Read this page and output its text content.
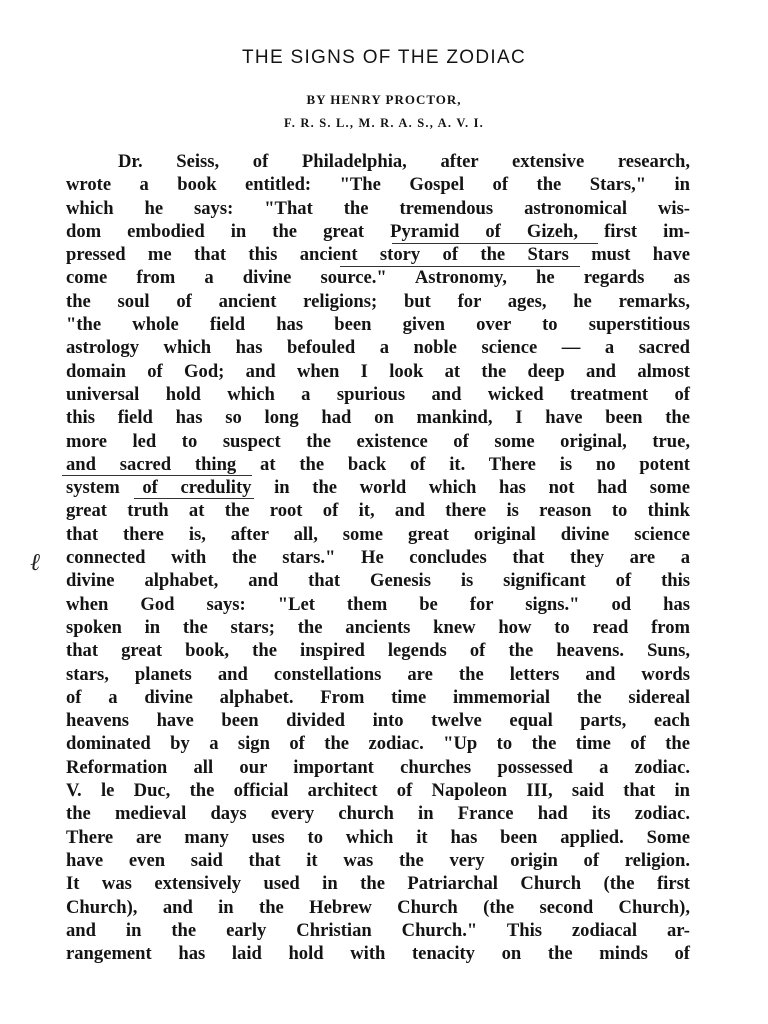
THE SIGNS OF THE ZODIAC
BY HENRY PROCTOR,
F. R. S. L., M. R. A. S., A. V. I.
ℓ
Dr. Seiss, of Philadelphia, after extensive research,
wrote a book entitled: "The Gospel of the Stars," in
which he says: "That the tremendous astronomical wis-
dom embodied in the great Pyramid of Gizeh, first im-
pressed me that this ancient story of the Stars must have
come from a divine source." Astronomy, he regards as
the soul of ancient religions; but for ages, he remarks,
"the whole field has been given over to superstitious
astrology which has befouled a noble science — a sacred
domain of God; and when I look at the deep and almost
universal hold which a spurious and wicked treatment of
this field has so long had on mankind, I have been the
more led to suspect the existence of some original, true,
and sacred thing at the back of it. There is no potent
system of credulity in the world which has not had some
great truth at the root of it, and there is reason to think
that there is, after all, some great original divine science
connected with the stars." He concludes that they are a
divine alphabet, and that Genesis is significant of this
when God says: "Let them be for signs." od has
spoken in the stars; the ancients knew how to read from
that great book, the inspired legends of the heavens. Suns,
stars, planets and constellations are the letters and words
of a divine alphabet. From time immemorial the sidereal
heavens have been divided into twelve equal parts, each
dominated by a sign of the zodiac. "Up to the time of the
Reformation all our important churches possessed a zodiac.
V. le Duc, the official architect of Napoleon III, said that in
the medieval days every church in France had its zodiac.
There are many uses to which it has been applied. Some
have even said that it was the very origin of religion.
It was extensively used in the Patriarchal Church (the first
Church), and in the Hebrew Church (the second Church),
and in the early Christian Church." This zodiacal ar-
rangement has laid hold with tenacity on the minds of
